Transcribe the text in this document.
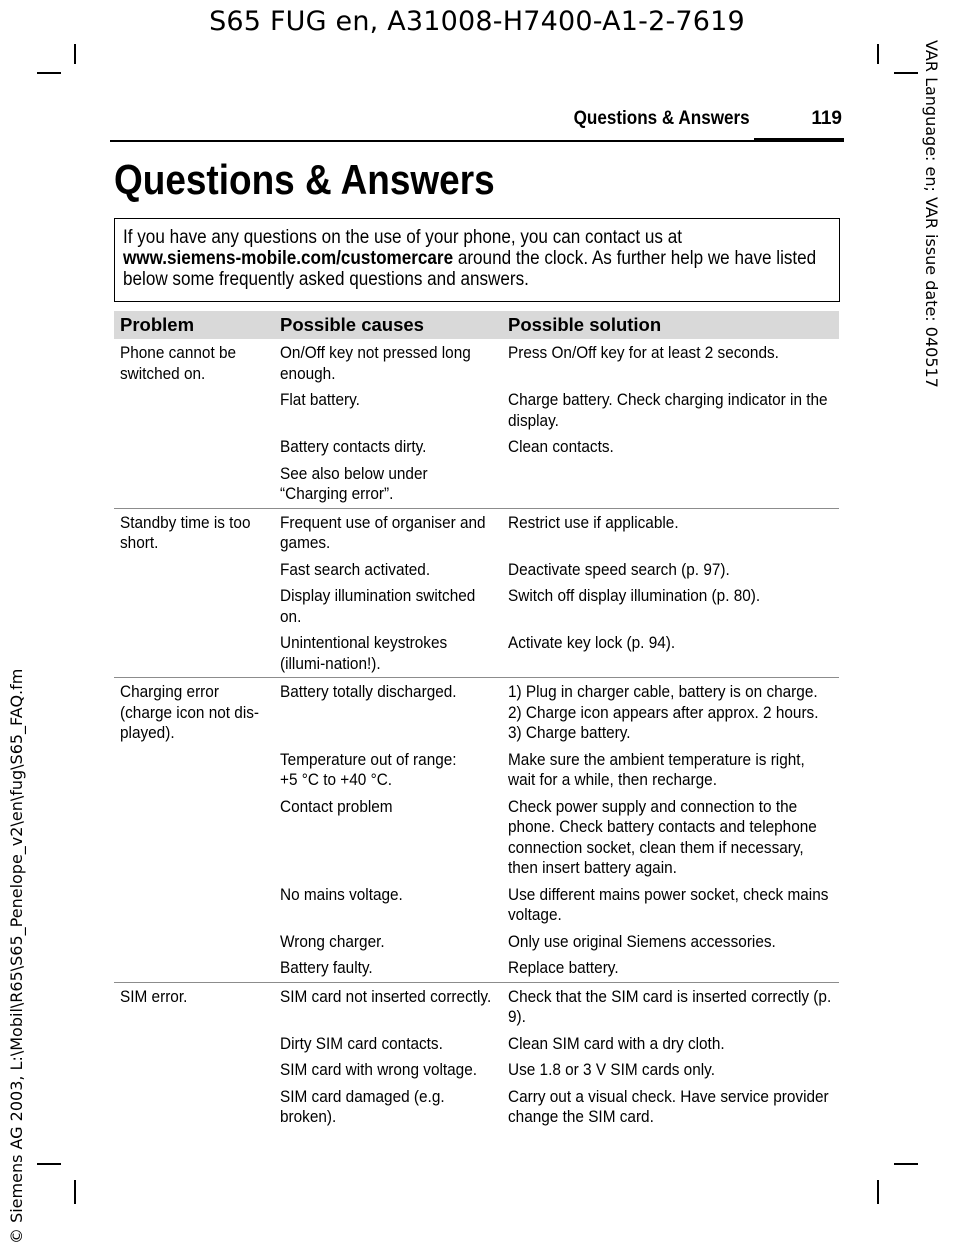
S65 FUG en, A31008-H7400-A1-2-7619
VAR Language: en; VAR issue date: 040517
© Siemens AG 2003, L:\Mobil\R65\S65_Penelope_v2\en\fug\S65_FAQ.fm
Questions & Answers	119
Questions & Answers
If you have any questions on the use of your phone, you can contact us at
www.siemens-mobile.com/customercare around the clock. As further help we have listed below some frequently asked questions and answers.
Problem	Possible causes	Possible solution

Phone cannot be switched on.	On/Off key not pressed long enough.	Press On/Off key for at least 2 seconds.

	Flat battery.	Charge battery. Check charging indicator in the display.

	Battery contacts dirty.	Clean contacts.

	See also below under “Charging error”.	

Standby time is too short.	Frequent use of organiser and games.	Restrict use if applicable.

	Fast search activated.	Deactivate speed search (p. 97).

	Display illumination switched on.	Switch off display illumination (p. 80).

	Unintentional keystrokes (illumi-nation!).	Activate key lock (p. 94).

Charging error (charge icon not dis-played).	Battery totally discharged.	1) Plug in charger cable, battery is on charge.
2) Charge icon appears after approx. 2 hours.
3) Charge battery.

	Temperature out of range:
+5 °C to +40 °C.	Make sure the ambient temperature is right, wait for a while, then recharge.

	Contact problem	Check power supply and connection to the phone. Check battery contacts and telephone connection socket, clean them if necessary, then insert battery again.

	No mains voltage.	Use different mains power socket, check mains voltage.

	Wrong charger.	Only use original Siemens accessories.

	Battery faulty.	Replace battery.

SIM error.	SIM card not inserted correctly.	Check that the SIM card is inserted correctly (p. 9).

	Dirty SIM card contacts.	Clean SIM card with a dry cloth.

	SIM card with wrong voltage.	Use 1.8 or 3 V SIM cards only.

	SIM card damaged (e.g. broken).	Carry out a visual check. Have service provider change the SIM card.
